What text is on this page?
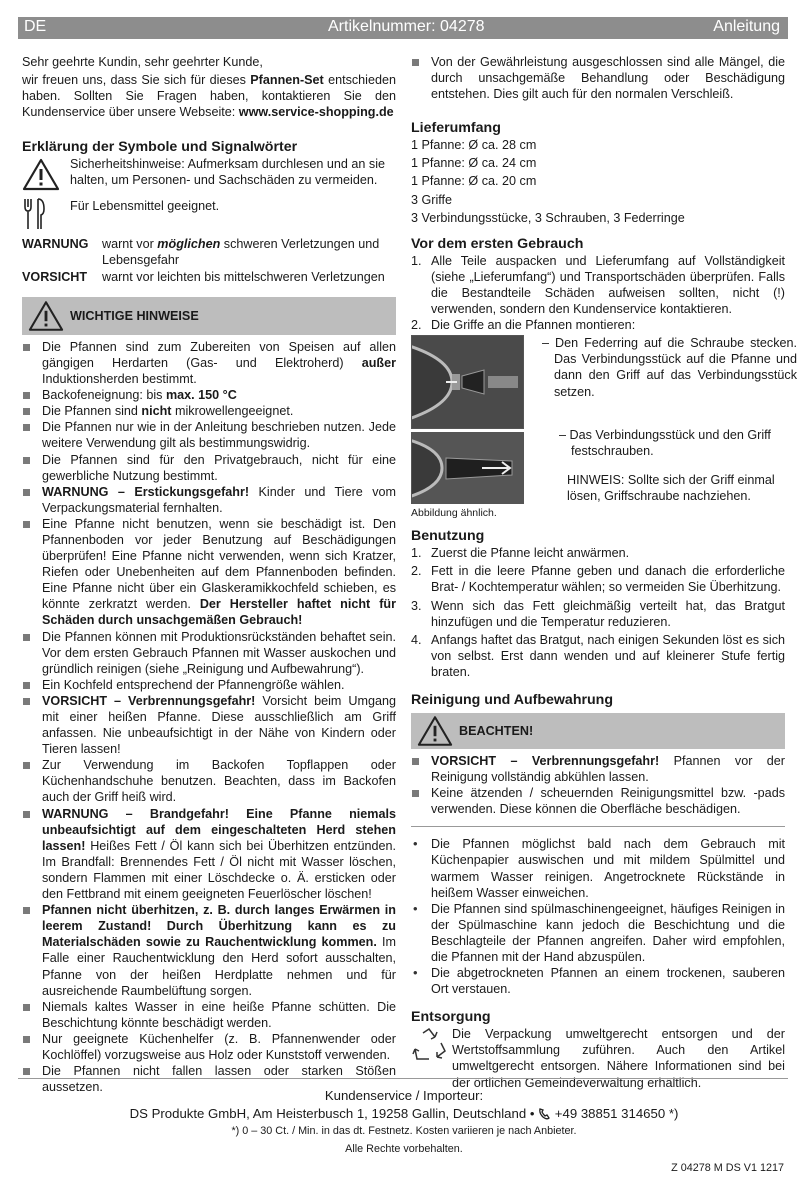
DE	Artikelnummer: 04278	Anleitung

Sehr geehrte Kundin, sehr geehrter Kunde,

wir freuen uns, dass Sie sich für dieses Pfannen-Set entschieden haben. Sollten Sie Fragen haben, kontaktieren Sie den Kundenservice über unsere Webseite: www.service-shopping.de

Erklärung der Symbole und Signalwörter

Sicherheitshinweise: Aufmerksam durchlesen und an sie halten, um Personen- und Sachschäden zu vermeiden.

Für Lebensmittel geeignet.

WARNUNG warnt vor möglichen schweren Verletzungen und Lebensgefahr

VORSICHT warnt vor leichten bis mittelschweren Verletzungen

WICHTIGE HINWEISE
Die Pfannen sind zum Zubereiten von Speisen auf allen gängigen Herdarten (Gas- und Elektroherd) außer Induktionsherden bestimmt.
Backofeneignung: bis max. 150 °C
Die Pfannen sind nicht mikrowellengeeignet.
Die Pfannen nur wie in der Anleitung beschrieben nutzen. Jede weitere Verwendung gilt als bestimmungswidrig.
Die Pfannen sind für den Privatgebrauch, nicht für eine gewerbliche Nutzung bestimmt.
WARNUNG – Erstickungsgefahr! Kinder und Tiere vom Verpackungsmaterial fernhalten.
Eine Pfanne nicht benutzen, wenn sie beschädigt ist. Den Pfannenboden vor jeder Benutzung auf Beschädigungen überprüfen! Eine Pfanne nicht verwenden, wenn sich Kratzer, Riefen oder Unebenheiten auf dem Pfannenboden befinden. Eine Pfanne nicht über ein Glaskeramikkochfeld schieben, es könnte zerkratzt werden. Der Hersteller haftet nicht für Schäden durch unsachgemäßen Gebrauch!
Die Pfannen können mit Produktionsrückständen behaftet sein. Vor dem ersten Gebrauch Pfannen mit Wasser auskochen und gründlich reinigen (siehe „Reinigung und Aufbewahrung“).
Ein Kochfeld entsprechend der Pfannengröße wählen.
VORSICHT – Verbrennungsgefahr! Vorsicht beim Umgang mit einer heißen Pfanne. Diese ausschließlich am Griff anfassen. Nie unbeaufsichtigt in der Nähe von Kindern oder Tieren lassen!
Zur Verwendung im Backofen Topflappen oder Küchenhandschuhe benutzen. Beachten, dass im Backofen auch der Griff heiß wird.
WARNUNG – Brandgefahr! Eine Pfanne niemals unbeaufsichtigt auf dem eingeschalteten Herd stehen lassen! Heißes Fett / Öl kann sich bei Überhitzen entzünden. Im Brandfall: Brennendes Fett / Öl nicht mit Wasser löschen, sondern Flammen mit einer Löschdecke o. Ä. ersticken oder den Fettbrand mit einem geeigneten Feuerlöscher löschen!
Pfannen nicht überhitzen, z. B. durch langes Erwärmen in leerem Zustand! Durch Überhitzung kann es zu Materialschäden sowie zu Rauchentwicklung kommen. Im Falle einer Rauchentwicklung den Herd sofort ausschalten, Pfanne von der heißen Herdplatte nehmen und für ausreichende Raumbelüftung sorgen.
Niemals kaltes Wasser in eine heiße Pfanne schütten. Die Beschichtung könnte beschädigt werden.
Nur geeignete Küchenhelfer (z. B. Pfannenwender oder Kochlöffel) vorzugsweise aus Holz oder Kunststoff verwenden.
Die Pfannen nicht fallen lassen oder starken Stößen aussetzen.
Von der Gewährleistung ausgeschlossen sind alle Mängel, die durch unsachgemäße Behandlung oder Beschädigung entstehen. Dies gilt auch für den normalen Verschleiß.
Lieferumfang

1 Pfanne: Ø ca. 28 cm

1 Pfanne: Ø ca. 24 cm

1 Pfanne: Ø ca. 20 cm

3 Griffe

3 Verbindungsstücke, 3 Schrauben, 3 Federringe

Vor dem ersten Gebrauch
1. Alle Teile auspacken und Lieferumfang auf Vollständigkeit (siehe „Lieferumfang“) und Transportschäden überprüfen. Falls die Bestandteile Schäden aufweisen sollten, nicht (!) verwenden, sondern den Kundenservice kontaktieren.
2. Die Griffe an die Pfannen montieren:
– Den Federring auf die Schraube stecken. Das Verbindungsstück auf die Pfanne und dann den Griff auf das Verbindungsstück setzen.
– Das Verbindungsstück und den Griff festschrauben.
HINWEIS: Sollte sich der Griff einmal lösen, Griffschraube nachziehen.
Abbildung ähnlich.
Benutzung
1. Zuerst die Pfanne leicht anwärmen.
2. Fett in die leere Pfanne geben und danach die erforderliche Brat- / Kochtemperatur wählen; so vermeiden Sie Überhitzung.
3. Wenn sich das Fett gleichmäßig verteilt hat, das Bratgut hinzufügen und die Temperatur reduzieren.
4. Anfangs haftet das Bratgut, nach einigen Sekunden löst es sich von selbst. Erst dann wenden und auf kleinerer Stufe fertig braten.
Reinigung und Aufbewahrung
BEACHTEN!
VORSICHT – Verbrennungsgefahr! Pfannen vor der Reinigung vollständig abkühlen lassen.
Keine ätzenden / scheuernden Reinigungsmittel bzw. -pads verwenden. Diese können die Oberfläche beschädigen.
• Die Pfannen möglichst bald nach dem Gebrauch mit Küchenpapier auswischen und mit mildem Spülmittel und warmem Wasser reinigen. Angetrocknete Rückstände in heißem Wasser einweichen.
• Die Pfannen sind spülmaschinengeeignet, häufiges Reinigen in der Spülmaschine kann jedoch die Beschichtung und die Beschlagteile der Pfannen angreifen. Daher wird empfohlen, die Pfannen mit der Hand abzuspülen.
• Die abgetrockneten Pfannen an einem trockenen, sauberen Ort verstauen.
Entsorgung

Die Verpackung umweltgerecht entsorgen und der Wertstoffsammlung zuführen. Auch den Artikel umweltgerecht entsorgen. Nähere Informationen sind bei der örtlichen Gemeindeverwaltung erhältlich.

Kundenservice / Importeur:
DS Produkte GmbH, Am Heisterbusch 1, 19258 Gallin, Deutschland •  +49 38851 314650 *)
*) 0 – 30 Ct. / Min. in das dt. Festnetz. Kosten variieren je nach Anbieter.
Alle Rechte vorbehalten.
Z 04278 M DS V1 1217
